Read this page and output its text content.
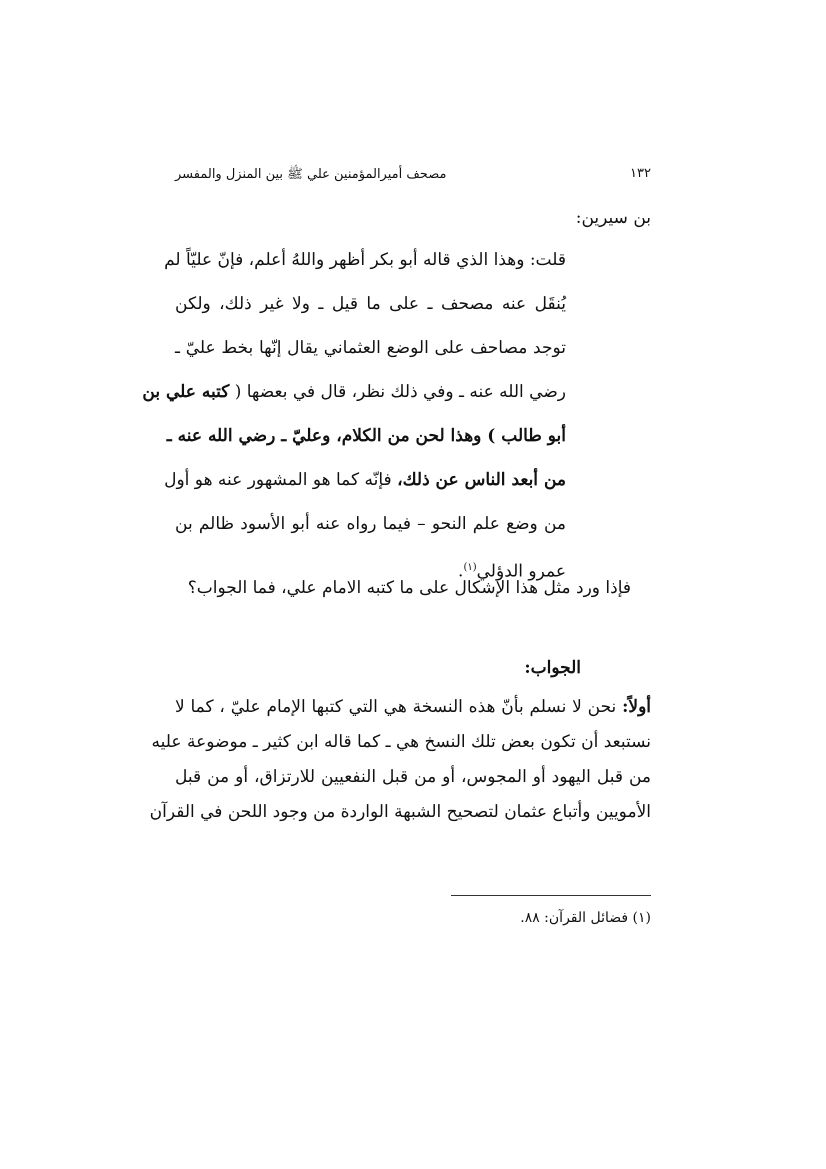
١٣٢
مصحف أميرالمؤمنين علي ﷺ بين المنزل والمفسر
بن سيرين:
قلت: وهذا الذي قاله أبو بكر أظهر واللهُ أعلم، فإنّ عليّاً لم
يُنقَل عنه مصحف ـ على ما قيل ـ ولا غير ذلك، ولكن
توجد مصاحف على الوضع العثماني يقال إنّها بخط عليّ ـ
رضي الله عنه ـ وفي ذلك نظر، قال في بعضها ( كتبه علي بن
أبو طالب ) وهذا لحن من الكلام، وعليّ ـ رضي الله عنه ـ
من أبعد الناس عن ذلك، فإنّه كما هو المشهور عنه هو أول
من وضع علم النحو – فيما رواه عنه أبو الأسود ظالم بن
عمرو الدؤلي$^{(١)}$.
فإذا ورد مثل هذا الإشكال على ما كتبه الامام علي، فما الجواب؟
الجواب:
أولاً: نحن لا نسلم بأنّ هذه النسخة هي التي كتبها الإمام عليّ ، كما لا
نستبعد أن تكون بعض تلك النسخ هي ـ كما قاله ابن كثير ـ موضوعة عليه
من قبل اليهود أو المجوس، أو من قبل النفعيين للارتزاق، أو من قبل
الأمويين وأتباع عثمان لتصحيح الشبهة الواردة من وجود اللحن في القرآن
(١) فضائل القرآن: ٨٨.
